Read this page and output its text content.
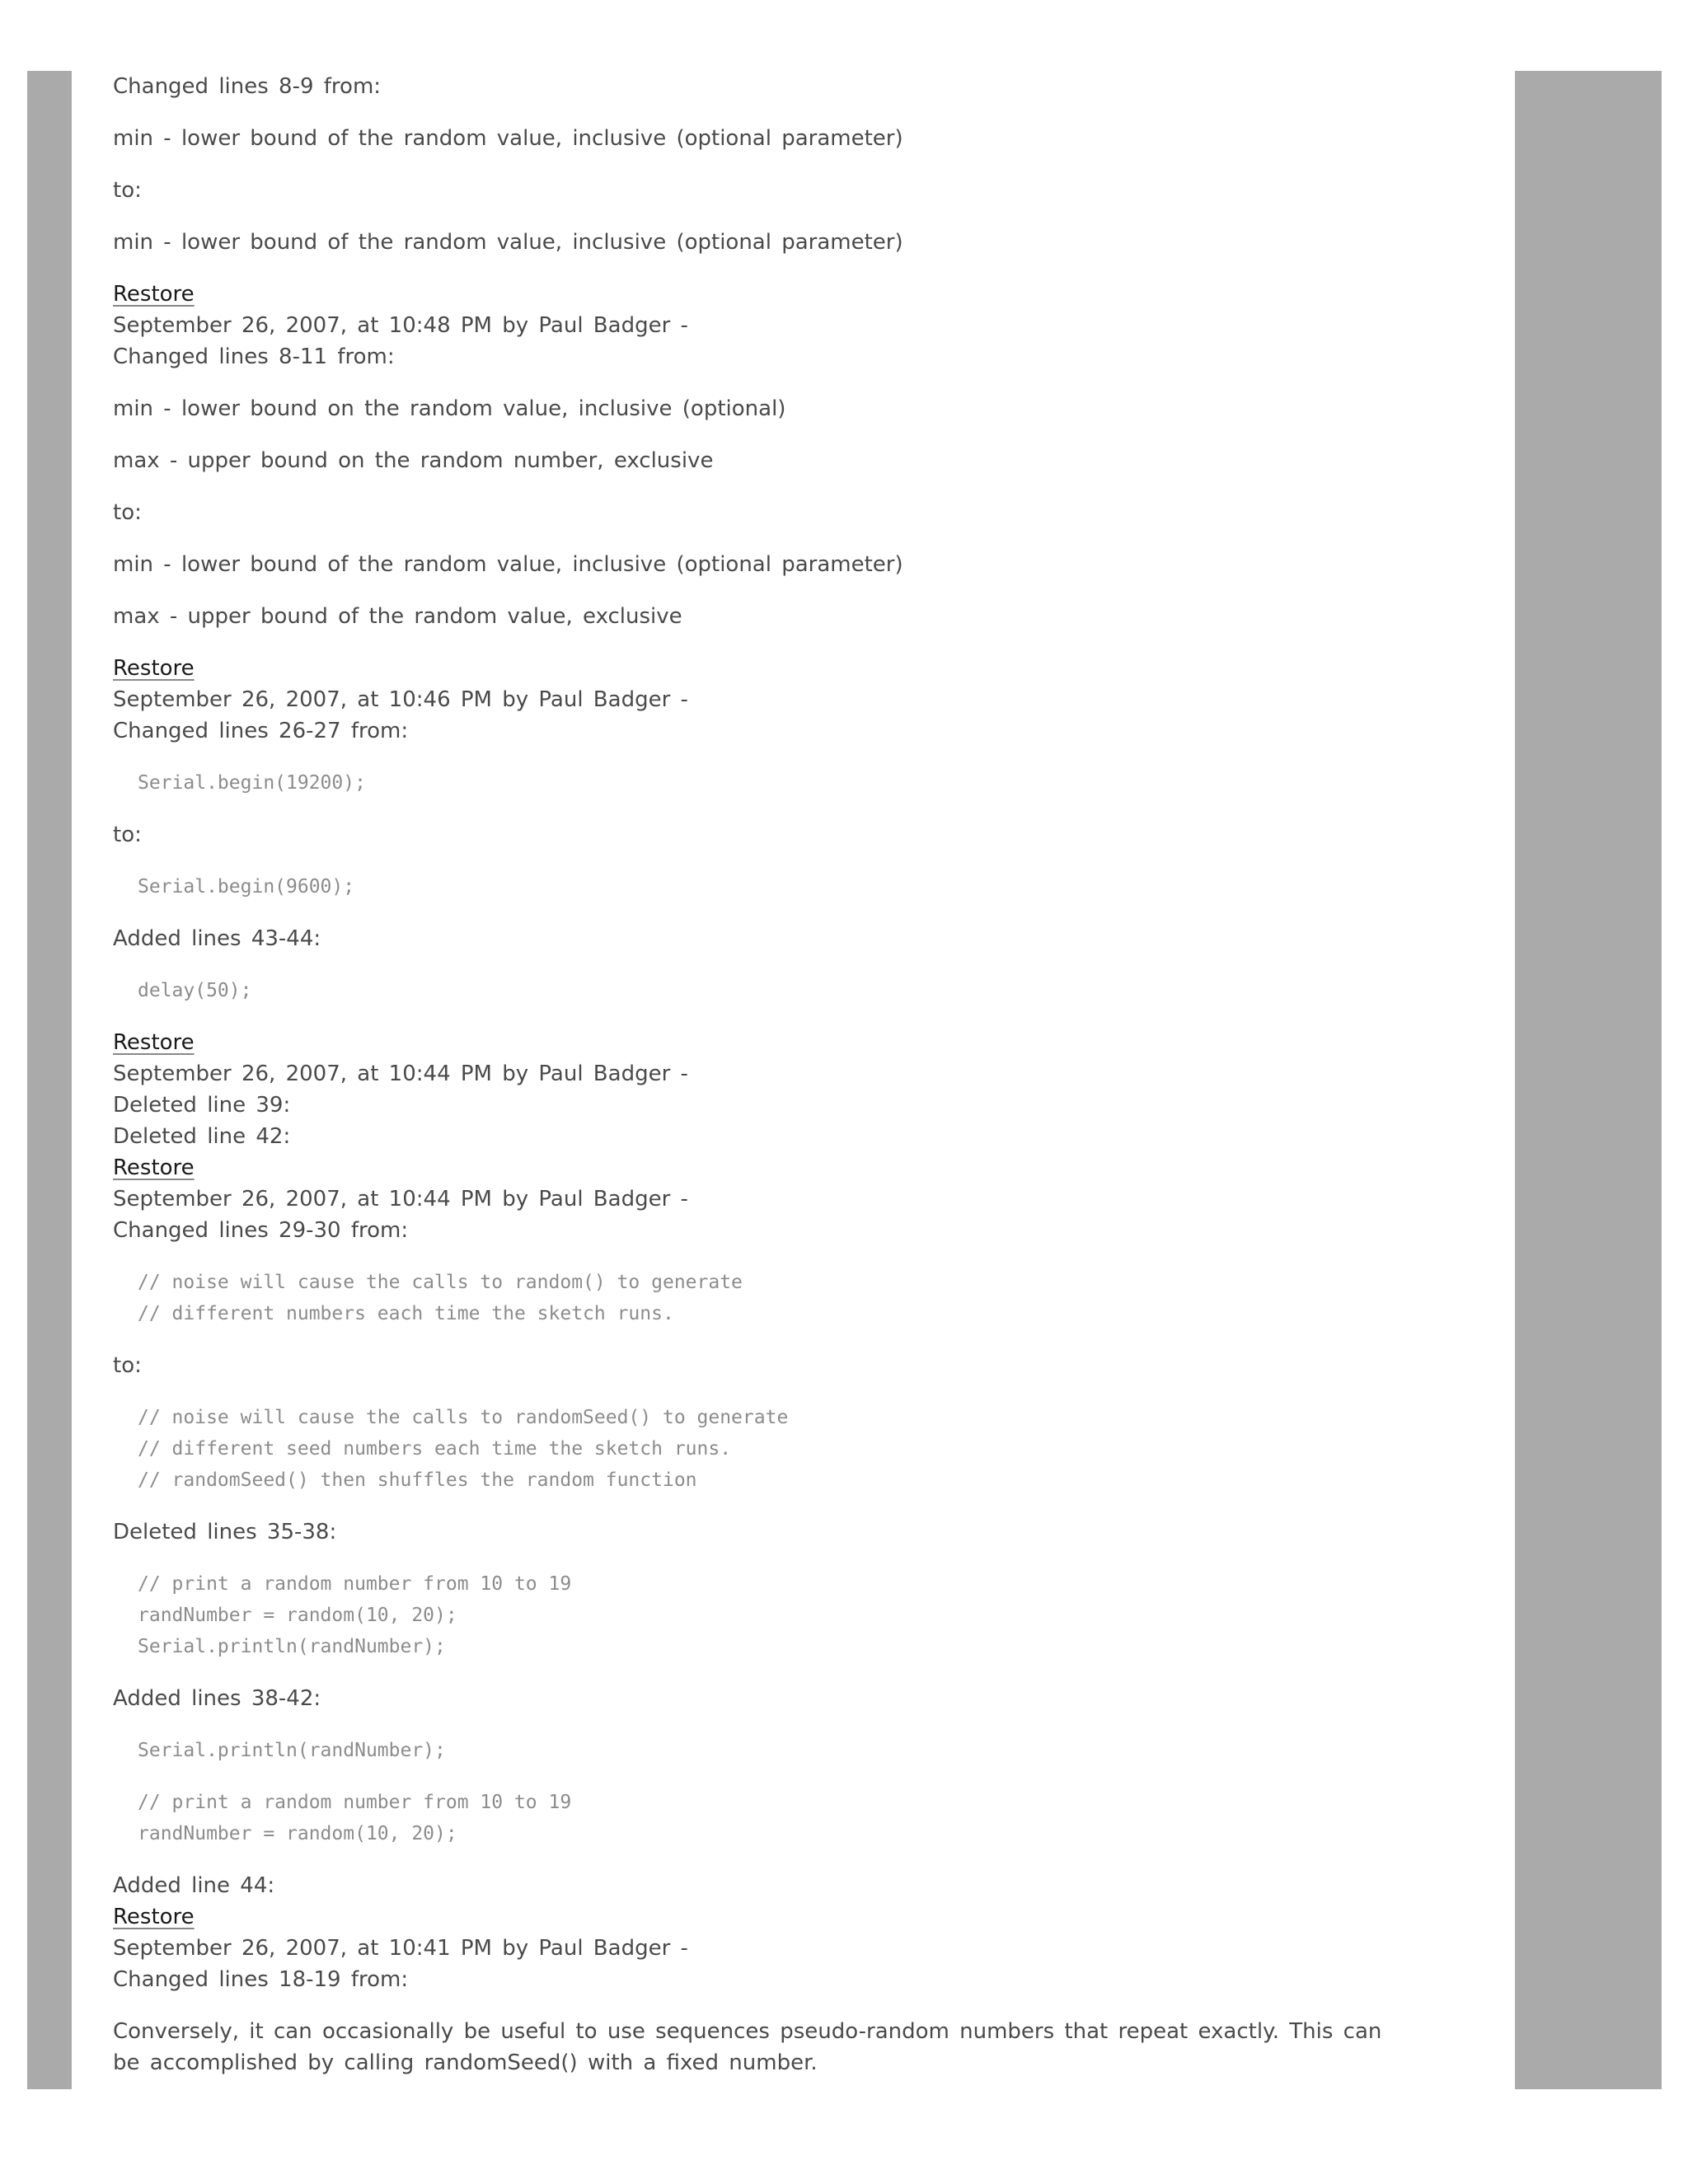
Changed lines 8-9 from:
min - lower bound of the random value, inclusive (optional parameter)
to:
min - lower bound of the random value, inclusive (optional parameter)
Restore
September 26, 2007, at 10:48 PM by Paul Badger -
Changed lines 8-11 from:
min - lower bound on the random value, inclusive (optional)
max - upper bound on the random number, exclusive
to:
min - lower bound of the random value, inclusive (optional parameter)
max - upper bound of the random value, exclusive
Restore
September 26, 2007, at 10:46 PM by Paul Badger -
Changed lines 26-27 from:
Serial.begin(19200);
to:
Serial.begin(9600);
Added lines 43-44:
delay(50);
Restore
September 26, 2007, at 10:44 PM by Paul Badger -
Deleted line 39:
Deleted line 42:
Restore
September 26, 2007, at 10:44 PM by Paul Badger -
Changed lines 29-30 from:
// noise will cause the calls to random() to generate
// different numbers each time the sketch runs.
to:
// noise will cause the calls to randomSeed() to generate
// different seed numbers each time the sketch runs.
// randomSeed() then shuffles the random function
Deleted lines 35-38:
// print a random number from 10 to 19
randNumber = random(10, 20);
Serial.println(randNumber);
Added lines 38-42:
Serial.println(randNumber);
// print a random number from 10 to 19
randNumber = random(10, 20);
Added line 44:
Restore
September 26, 2007, at 10:41 PM by Paul Badger -
Changed lines 18-19 from:
Conversely, it can occasionally be useful to use sequences pseudo-random numbers that repeat exactly. This can be accomplished by calling randomSeed() with a fixed number.
